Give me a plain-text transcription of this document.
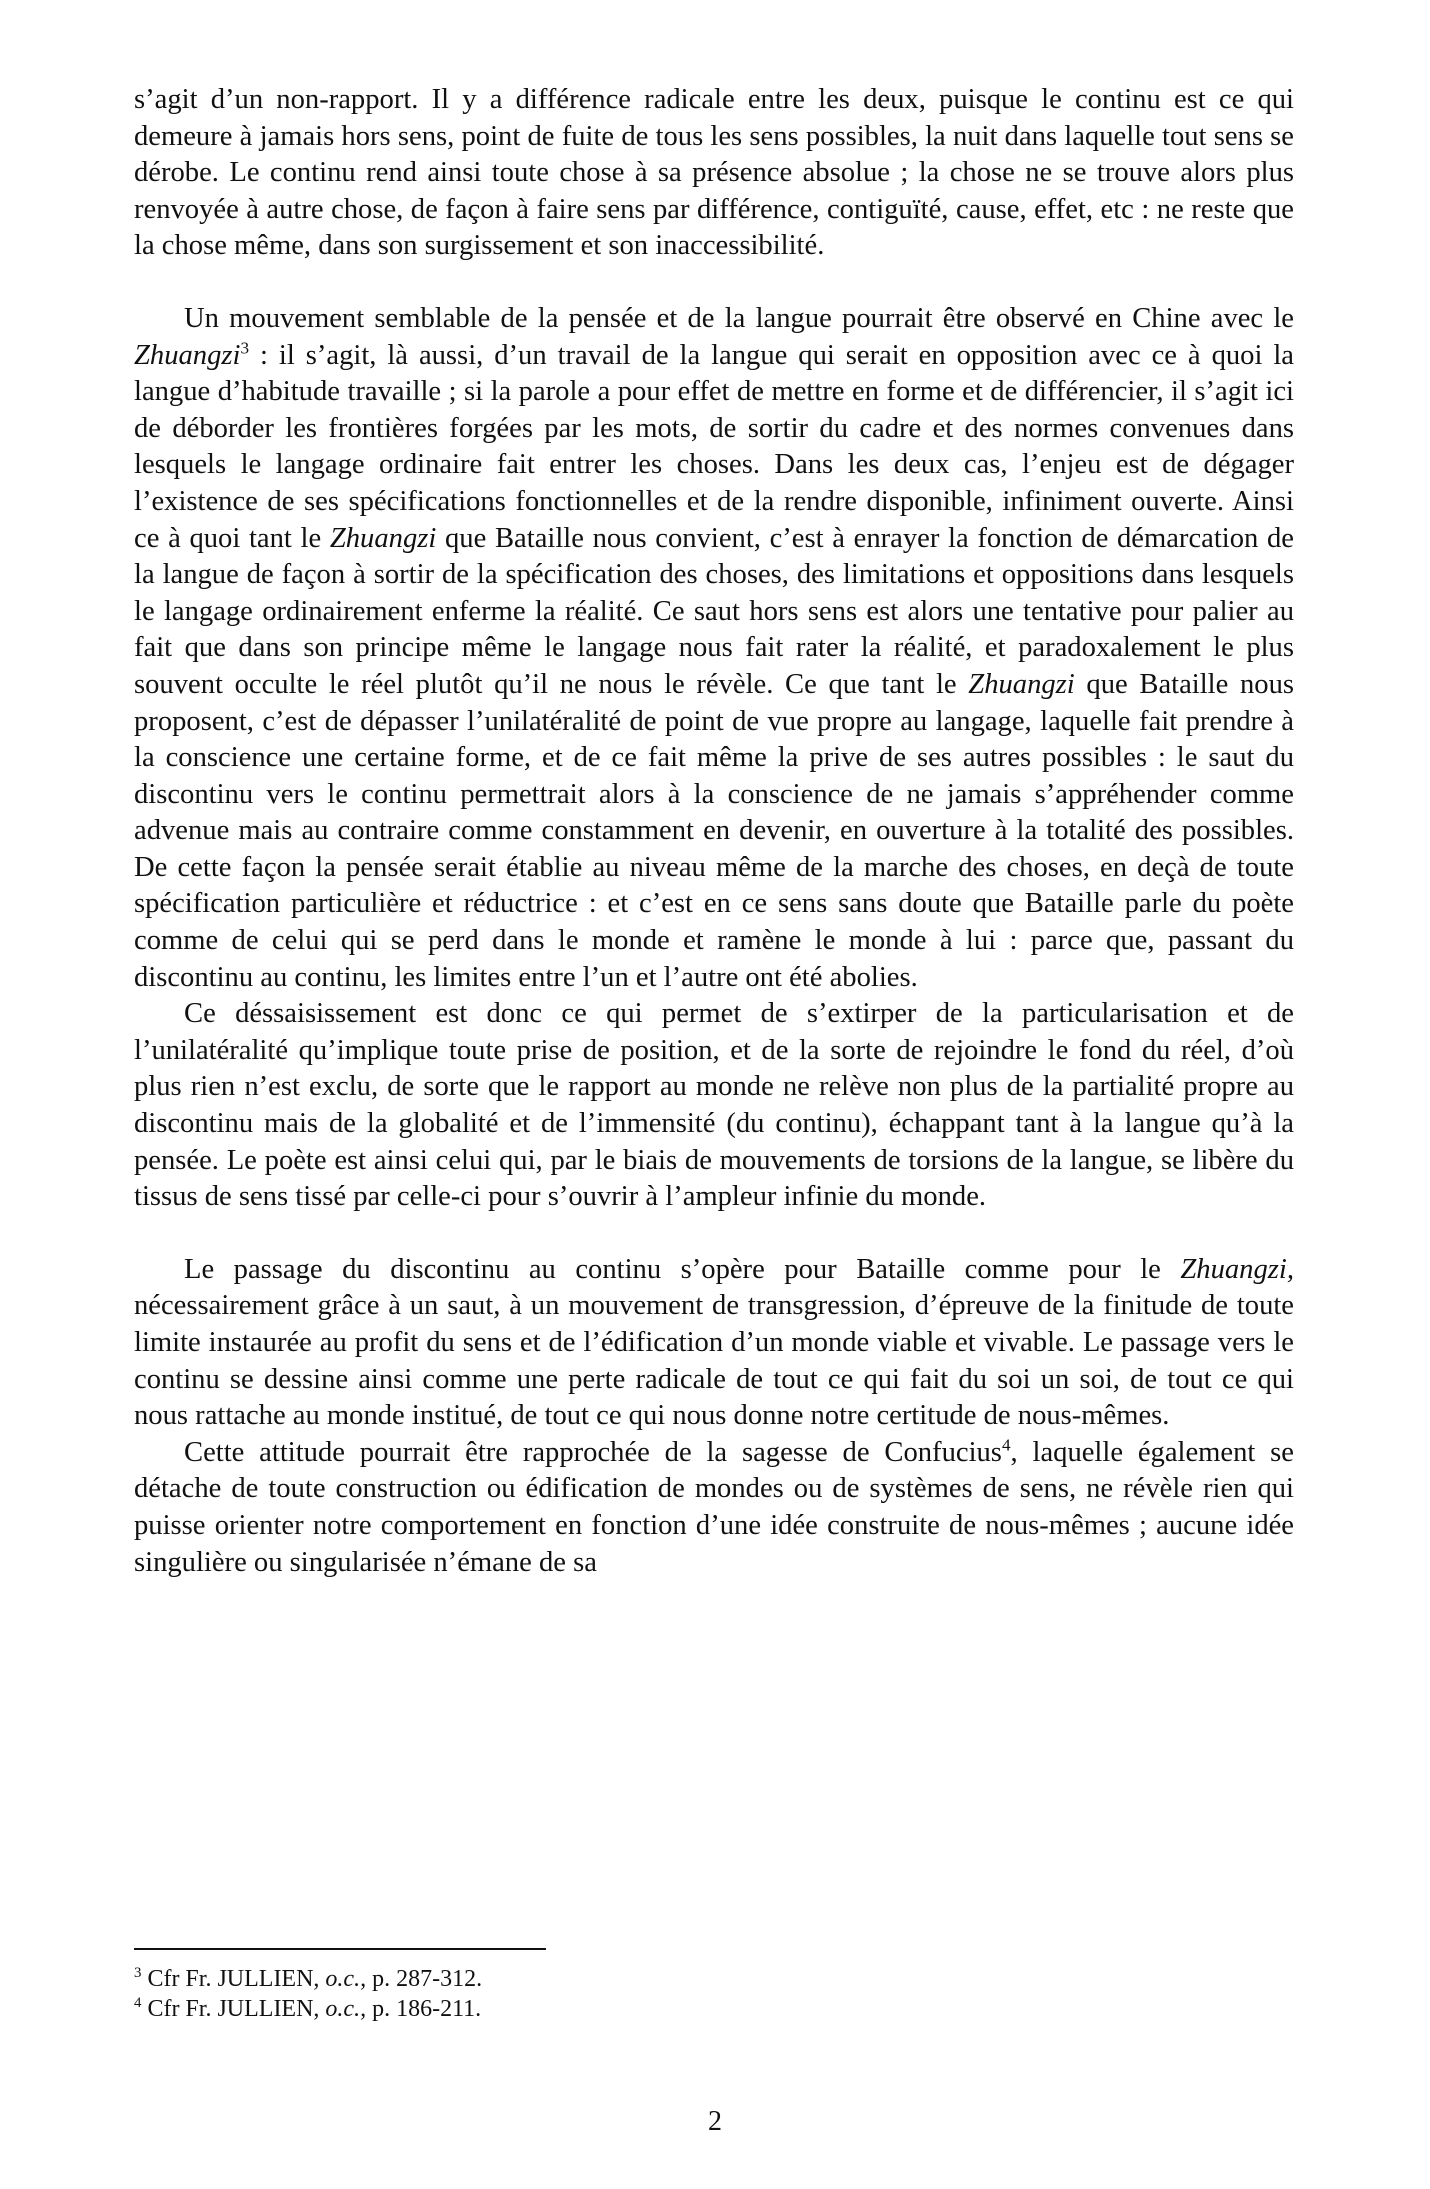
s’agit d’un non-rapport. Il y a différence radicale entre les deux, puisque le continu est ce qui demeure à jamais hors sens, point de fuite de tous les sens possibles, la nuit dans laquelle tout sens se dérobe. Le continu rend ainsi toute chose à sa présence absolue ; la chose ne se trouve alors plus renvoyée à autre chose, de façon à faire sens par différence, contiguïté, cause, effet, etc : ne reste que la chose même, dans son surgissement et son inaccessibilité.

Un mouvement semblable de la pensée et de la langue pourrait être observé en Chine avec le Zhuangzi$^3$ : il s’agit, là aussi, d’un travail de la langue qui serait en opposition avec ce à quoi la langue d’habitude travaille ; si la parole a pour effet de mettre en forme et de différencier, il s’agit ici de déborder les frontières forgées par les mots, de sortir du cadre et des normes convenues dans lesquels le langage ordinaire fait entrer les choses. Dans les deux cas, l’enjeu est de dégager l’existence de ses spécifications fonctionnelles et de la rendre disponible, infiniment ouverte. Ainsi ce à quoi tant le Zhuangzi que Bataille nous convient, c’est à enrayer la fonction de démarcation de la langue de façon à sortir de la spécification des choses, des limitations et oppositions dans lesquels le langage ordinairement enferme la réalité. Ce saut hors sens est alors une tentative pour palier au fait que dans son principe même le langage nous fait rater la réalité, et paradoxalement le plus souvent occulte le réel plutôt qu’il ne nous le révèle. Ce que tant le Zhuangzi que Bataille nous proposent, c’est de dépasser l’unilatéralité de point de vue propre au langage, laquelle fait prendre à la conscience une certaine forme, et de ce fait même la prive de ses autres possibles : le saut du discontinu vers le continu permettrait alors à la conscience de ne jamais s’appréhender comme advenue mais au contraire comme constamment en devenir, en ouverture à la totalité des possibles. De cette façon la pensée serait établie au niveau même de la marche des choses, en deçà de toute spécification particulière et réductrice : et c’est en ce sens sans doute que Bataille parle du poète comme de celui qui se perd dans le monde et ramène le monde à lui : parce que, passant du discontinu au continu, les limites entre l’un et l’autre ont été abolies.

Ce déssaisissement est donc ce qui permet de s’extirper de la particularisation et de l’unilatéralité qu’implique toute prise de position, et de la sorte de rejoindre le fond du réel, d’où plus rien n’est exclu, de sorte que le rapport au monde ne relève non plus de la partialité propre au discontinu mais de la globalité et de l’immensité (du continu), échappant tant à la langue qu’à la pensée. Le poète est ainsi celui qui, par le biais de mouvements de torsions de la langue, se libère du tissus de sens tissé par celle-ci pour s’ouvrir à l’ampleur infinie du monde.

Le passage du discontinu au continu s’opère pour Bataille comme pour le Zhuangzi, nécessairement grâce à un saut, à un mouvement de transgression, d’épreuve de la finitude de toute limite instaurée au profit du sens et de l’édification d’un monde viable et vivable. Le passage vers le continu se dessine ainsi comme une perte radicale de tout ce qui fait du soi un soi, de tout ce qui nous rattache au monde institué, de tout ce qui nous donne notre certitude de nous-mêmes.

Cette attitude pourrait être rapprochée de la sagesse de Confucius$^4$, laquelle également se détache de toute construction ou édification de mondes ou de systèmes de sens, ne révèle rien qui puisse orienter notre comportement en fonction d’une idée construite de nous-mêmes ; aucune idée singulière ou singularisée n’émane de sa

$^3$ Cfr Fr. JULLIEN, o.c., p. 287-312.

$^4$ Cfr Fr. JULLIEN, o.c., p. 186-211.

2
